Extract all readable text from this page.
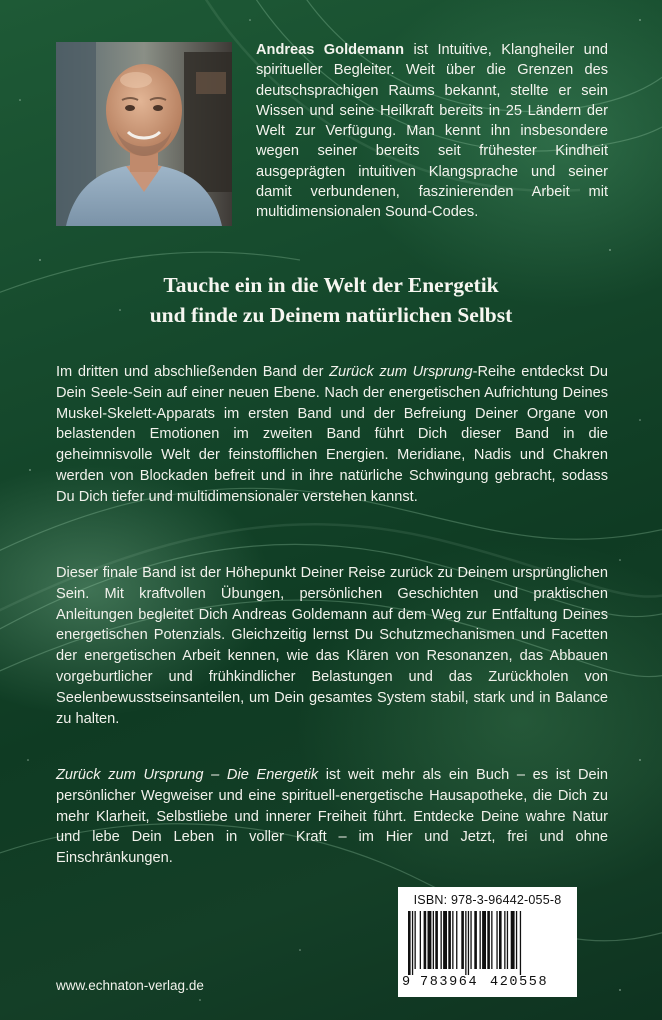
Andreas Goldemann ist Intuitive, Klangheiler und spiritueller Begleiter. Weit über die Grenzen des deutschsprachigen Raums bekannt, stellte er sein Wissen und seine Heilkraft bereits in 25 Ländern der Welt zur Verfügung. Man kennt ihn insbesondere wegen seiner bereits seit frühester Kindheit ausgeprägten intuitiven Klangsprache und seiner damit verbundenen, faszinierenden Arbeit mit multidimensionalen Sound-Codes.

Tauche ein in die Welt der Energetik
und finde zu Deinem natürlichen Selbst

Im dritten und abschließenden Band der Zurück zum Ursprung-Reihe entdeckst Du Dein Seele-Sein auf einer neuen Ebene. Nach der energetischen Aufrichtung Deines Muskel-Skelett-Apparats im ersten Band und der Befreiung Deiner Organe von belastenden Emotionen im zweiten Band führt Dich dieser Band in die geheimnisvolle Welt der feinstofflichen Energien. Meridiane, Nadis und Chakren werden von Blockaden befreit und in ihre natürliche Schwingung gebracht, sodass Du Dich tiefer und multidimensionaler verstehen kannst.

Dieser finale Band ist der Höhepunkt Deiner Reise zurück zu Deinem ursprünglichen Sein. Mit kraftvollen Übungen, persönlichen Geschichten und praktischen Anleitungen begleitet Dich Andreas Goldemann auf dem Weg zur Entfaltung Deines energetischen Potenzials. Gleichzeitig lernst Du Schutzmechanismen und Facetten der energetischen Arbeit kennen, wie das Klären von Resonanzen, das Abbauen vorgeburtlicher und frühkindlicher Belastungen und das Zurückholen von Seelenbewusstseinsanteilen, um Dein gesamtes System stabil, stark und in Balance zu halten.

Zurück zum Ursprung – Die Energetik ist weit mehr als ein Buch – es ist Dein persönlicher Wegweiser und eine spirituell-energetische Hausapotheke, die Dich zu mehr Klarheit, Selbstliebe und innerer Freiheit führt. Entdecke Deine wahre Natur und lebe Dein Leben in voller Kraft – im Hier und Jetzt, frei und ohne Einschränkungen.

ISBN: 978-3-96442-055-8
9 783964 420558

www.echnaton-verlag.de
